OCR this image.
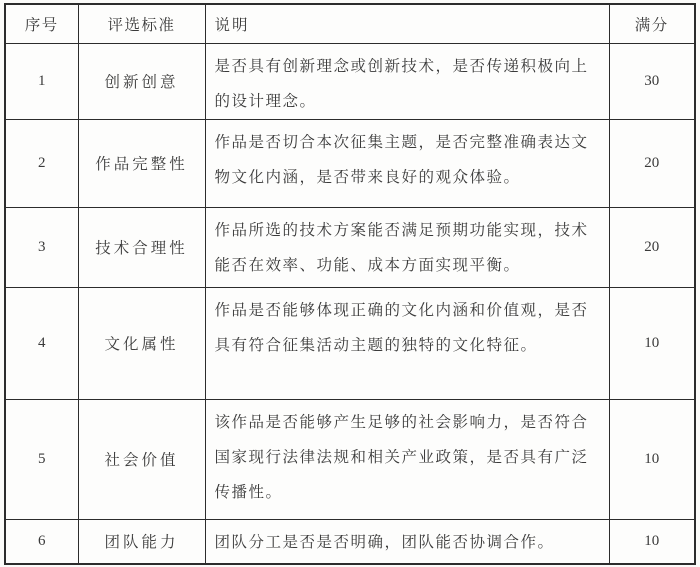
序号	评选标准	说明	满分
1	创新创意	是否具有创新理念或创新技术，是否传递积极向上的设计理念。	30
2	作品完整性	作品是否切合本次征集主题，是否完整准确表达文物文化内涵，是否带来良好的观众体验。	20
3	技术合理性	作品所选的技术方案能否满足预期功能实现，技术能否在效率、功能、成本方面实现平衡。	20
4	文化属性	作品是否能够体现正确的文化内涵和价值观，是否具有符合征集活动主题的独特的文化特征。	10
5	社会价值	该作品是否能够产生足够的社会影响力，是否符合国家现行法律法规和相关产业政策，是否具有广泛传播性。	10
6	团队能力	团队分工是否是否明确，团队能否协调合作。	10
